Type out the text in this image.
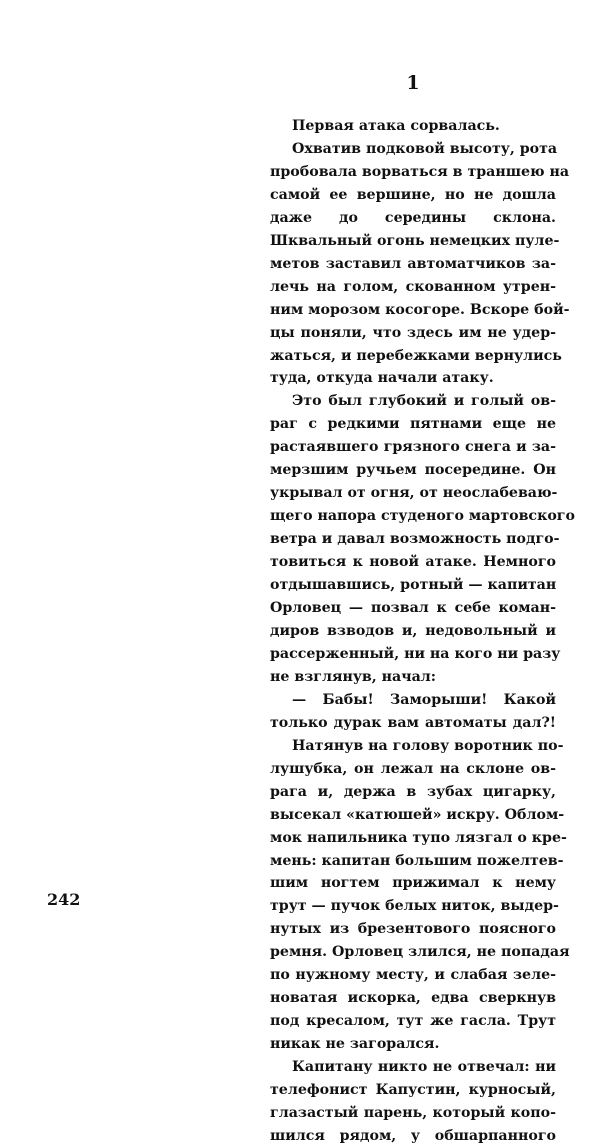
1

Первая атака сорвалась.

Охватив подковой высоту, рота
пробовала ворваться в траншею на
самой ее вершине, но не дошла
даже до середины склона.
Шквальный огонь немецких пуле-
метов заставил автоматчиков за-
лечь на голом, скованном утрен-
ним морозом косогоре. Вскоре бой-
цы поняли, что здесь им не удер-
жаться, и перебежками вернулись
туда, откуда начали атаку.

Это был глубокий и голый ов-
раг с редкими пятнами еще не
растаявшего грязного снега и за-
мерзшим ручьем посередине. Он
укрывал от огня, от неослабеваю-
щего напора студеного мартовского
ветра и давал возможность подго-
товиться к новой атаке. Немного
отдышавшись, ротный — капитан
Орловец — позвал к себе коман-
диров взводов и, недовольный и
рассерженный, ни на кого ни разу
не взглянув, начал:

— Бабы! Заморыши! Какой
только дурак вам автоматы дал?!

Натянув на голову воротник по-
лушубка, он лежал на склоне ов-
рага и, держа в зубах цигарку,
высекал «катюшей» искру. Облом-
мок напильника тупо лязгал о кре-
мень: капитан большим пожелтев-
шим ногтем прижимал к нему
трут — пучок белых ниток, выдер-
нутых из брезентового поясного
ремня. Орловец злился, не попадая
по нужному месту, и слабая зеле-
новатая искорка, едва сверкнув
под кресалом, тут же гасла. Трут
никак не загорался.

Капитану никто не отвечал: ни
телефонист Капустин, курносый,
глазастый парень, который копо-
шился рядом, у обшарпанного

242
